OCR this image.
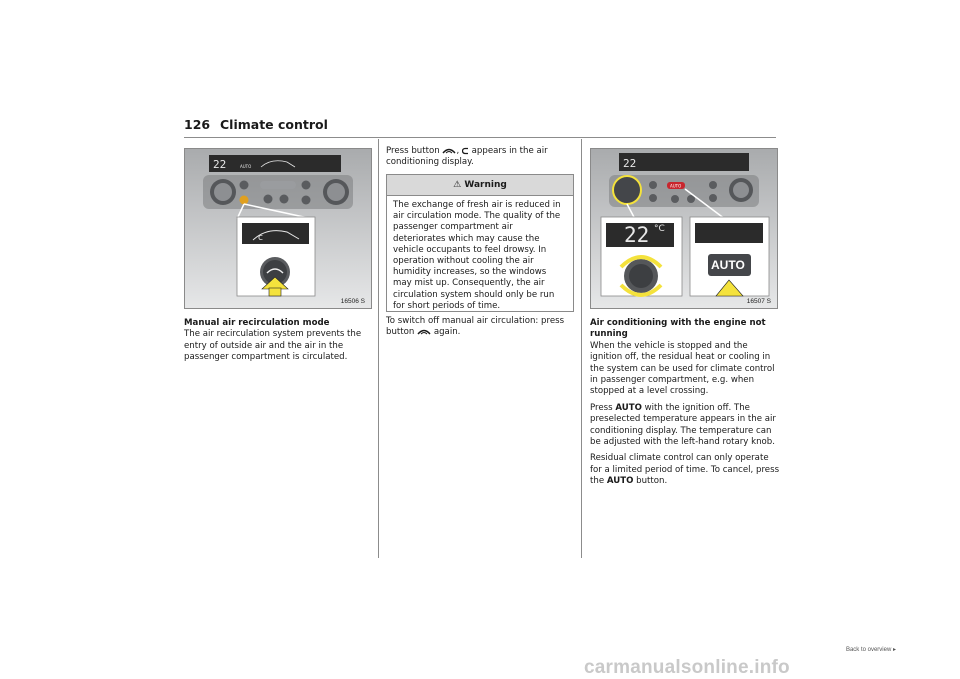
126 Climate control
22	AUTO
c
16506 S
22
AUTO
22 °C
AUTO
16507 S
Manual air recirculation mode
The air recirculation system prevents the entry of outside air and the air in the passenger compartment is circulated.
Press button , appears in the air conditioning display.
⚠ Warning
The exchange of fresh air is reduced in air circulation mode. The quality of the passenger compartment air deteriorates which may cause the vehicle occupants to feel drowsy. In operation without cooling the air humidity increases, so the windows may mist up. Consequently, the air circulation system should only be run for short periods of time.
To switch off manual air circulation: press button again.
Air conditioning with the engine not running

When the vehicle is stopped and the ignition off, the residual heat or cooling in the system can be used for climate control in passenger compartment, e.g. when stopped at a level crossing.

Press AUTO with the ignition off. The preselected temperature appears in the air conditioning display. The temperature can be adjusted with the left-hand rotary knob.

Residual climate control can only operate for a limited period of time. To cancel, press the AUTO button.

Back to overview ▸
carmanualsonline.info
